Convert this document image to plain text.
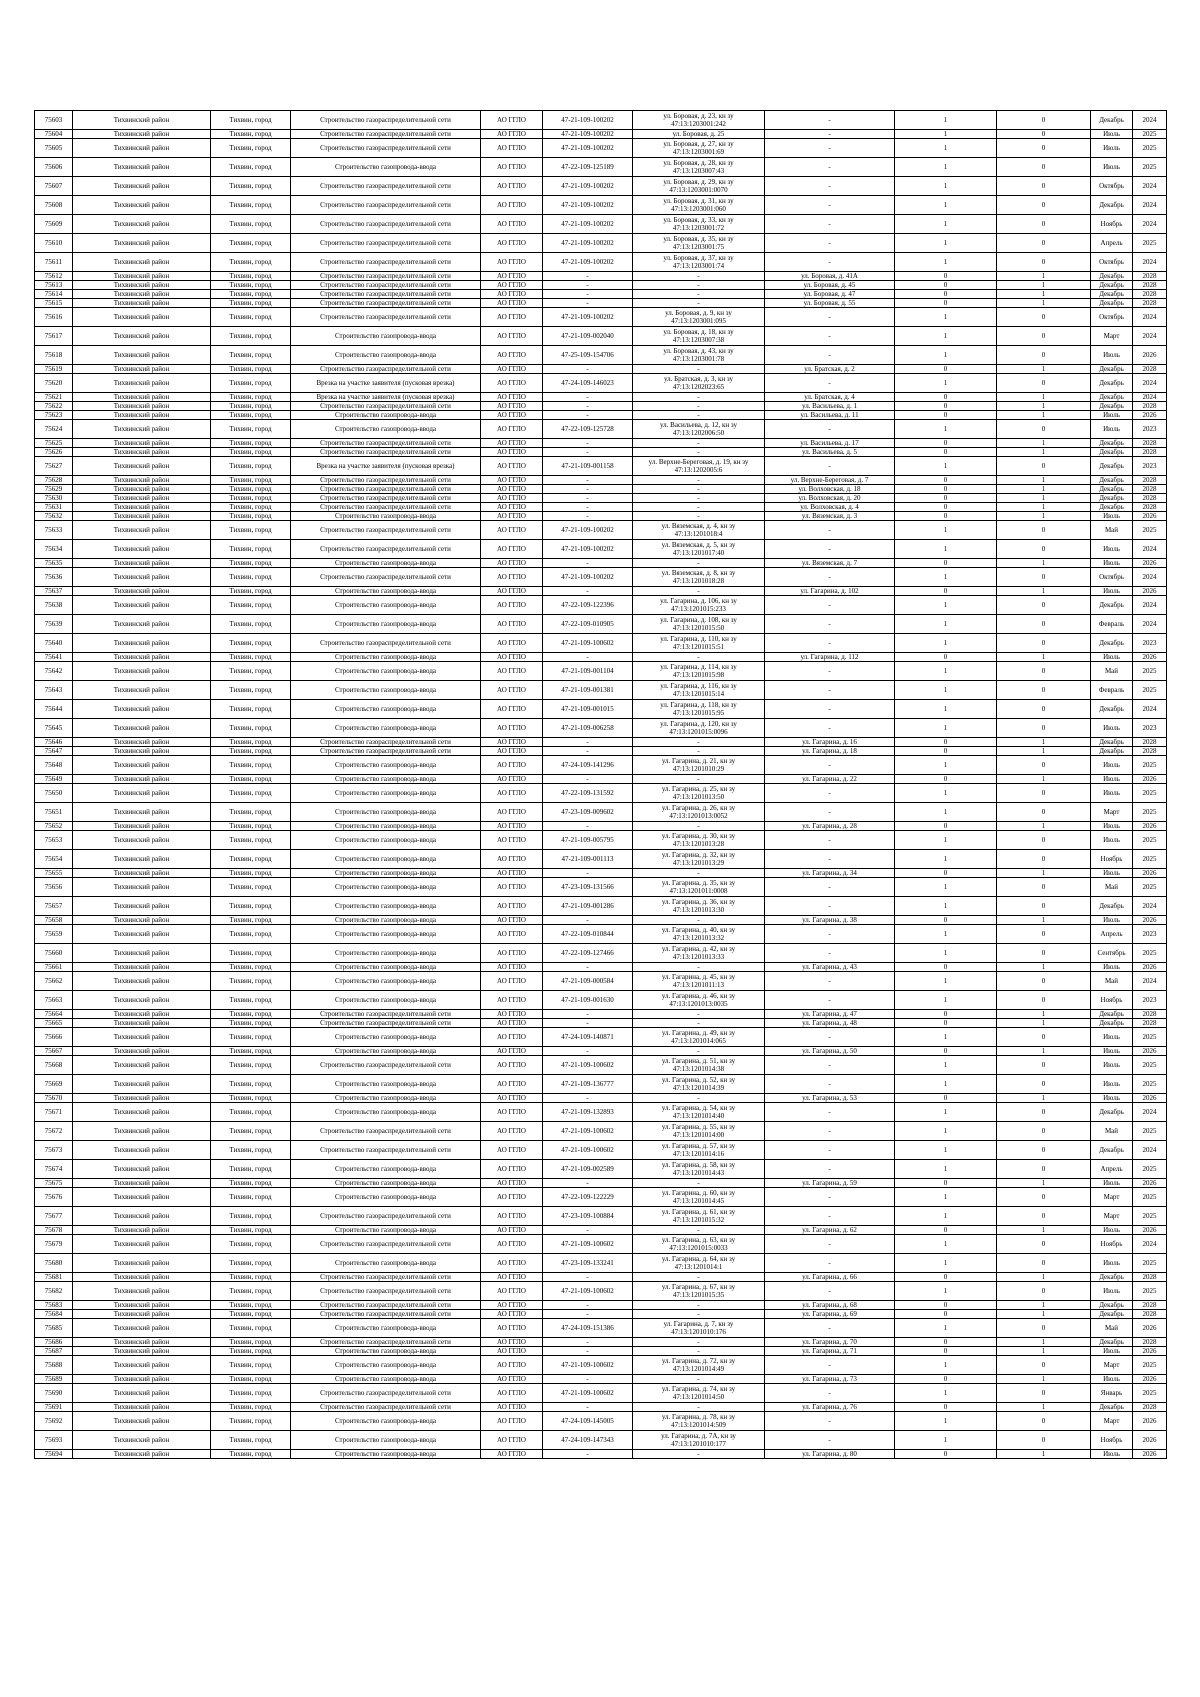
75603	Тихвинский район	Тихвин, город	Строительство газораспределительной сети	АО ГГЛО	47-21-109-100202	ул. Боровая, д. 23, кн зу
47:13:1203001:242	-	1	0	Декабрь	2024
75604	Тихвинский район	Тихвин, город	Строительство газораспределительной сети	АО ГГЛО	47-21-109-100202	ул. Боровая, д. 25	-	1	0	Июль	2025
75605	Тихвинский район	Тихвин, город	Строительство газораспределительной сети	АО ГГЛО	47-21-109-100202	ул. Боровая, д. 27, кн зу
47:13:1203001:69	-	1	0	Июль	2025
75606	Тихвинский район	Тихвин, город	Строительство газопровода-ввода	АО ГГЛО	47-22-109-125189	ул. Боровая, д. 28, кн зу
47:13:1203007:43	-	1	0	Июль	2025
75607	Тихвинский район	Тихвин, город	Строительство газораспределительной сети	АО ГГЛО	47-21-109-100202	ул. Боровая, д. 29, кн зу
47:13:1203001:0070	-	1	0	Октябрь	2024
75608	Тихвинский район	Тихвин, город	Строительство газораспределительной сети	АО ГГЛО	47-21-109-100202	ул. Боровая, д. 31, кн зу
47:13:1203001:060	-	1	0	Декабрь	2024
75609	Тихвинский район	Тихвин, город	Строительство газораспределительной сети	АО ГГЛО	47-21-109-100202	ул. Боровая, д. 33, кн зу
47:13:1203001:72	-	1	0	Ноябрь	2024
75610	Тихвинский район	Тихвин, город	Строительство газораспределительной сети	АО ГГЛО	47-21-109-100202	ул. Боровая, д. 35, кн зу
47:13:1203001:75	-	1	0	Апрель	2025
75611	Тихвинский район	Тихвин, город	Строительство газораспределительной сети	АО ГГЛО	47-21-109-100202	ул. Боровая, д. 37, кн зу
47:13:1203001:74	-	1	0	Октябрь	2024
75612	Тихвинский район	Тихвин, город	Строительство газораспределительной сети	АО ГГЛО	-	-	ул. Боровая, д. 41А	0	1	Декабрь	2028
75613	Тихвинский район	Тихвин, город	Строительство газораспределительной сети	АО ГГЛО	-	-	ул. Боровая, д. 45	0	1	Декабрь	2028
75614	Тихвинский район	Тихвин, город	Строительство газораспределительной сети	АО ГГЛО	-	-	ул. Боровая, д. 47	0	1	Декабрь	2028
75615	Тихвинский район	Тихвин, город	Строительство газораспределительной сети	АО ГГЛО	-	-	ул. Боровая, д. 55	0	1	Декабрь	2028
75616	Тихвинский район	Тихвин, город	Строительство газораспределительной сети	АО ГГЛО	47-21-109-100202	ул. Боровая, д. 9, кн зу
47:13:1203001:095	-	1	0	Октябрь	2024
75617	Тихвинский район	Тихвин, город	Строительство газопровода-ввода	АО ГГЛО	47-21-109-002040	ул. Боровая, д. 18, кн зу
47:13:1203007:38	-	1	0	Март	2024
75618	Тихвинский район	Тихвин, город	Строительство газопровода-ввода	АО ГГЛО	47-25-109-154706	ул. Боровая, д. 43, кн зу
47:13:1203001:78	-	1	0	Июль	2026
75619	Тихвинский район	Тихвин, город	Строительство газораспределительной сети	АО ГГЛО	-	-	ул. Братская, д. 2	0	1	Декабрь	2028
75620	Тихвинский район	Тихвин, город	Врезка на участке заявителя (пусковая врезка)	АО ГГЛО	47-24-109-146023	ул. Братская, д. 3, кн зу
47:13:1202023:65	-	1	0	Декабрь	2024
75621	Тихвинский район	Тихвин, город	Врезка на участке заявителя (пусковая врезка)	АО ГГЛО	-	-	ул. Братская, д. 4	0	1	Декабрь	2024
75622	Тихвинский район	Тихвин, город	Строительство газораспределительной сети	АО ГГЛО	-	-	ул. Васильева, д. 1	0	1	Декабрь	2028
75623	Тихвинский район	Тихвин, город	Строительство газопровода-ввода	АО ГГЛО	-	-	ул. Васильева, д. 11	0	1	Июль	2026
75624	Тихвинский район	Тихвин, город	Строительство газопровода-ввода	АО ГГЛО	47-22-109-125728	ул. Васильева, д. 12, кн зу
47:13:1202006:50	-	1	0	Июль	2023
75625	Тихвинский район	Тихвин, город	Строительство газораспределительной сети	АО ГГЛО	-	-	ул. Васильева, д. 17	0	1	Декабрь	2028
75626	Тихвинский район	Тихвин, город	Строительство газораспределительной сети	АО ГГЛО	-	-	ул. Васильева, д. 5	0	1	Декабрь	2028
75627	Тихвинский район	Тихвин, город	Врезка на участке заявителя (пусковая врезка)	АО ГГЛО	47-21-109-001158	ул. Верхне-Береговая, д. 19, кн зу
47:13:1202005:6	-	1	0	Декабрь	2023
75628	Тихвинский район	Тихвин, город	Строительство газораспределительной сети	АО ГГЛО	-	-	ул. Верхне-Береговая, д. 7	0	1	Декабрь	2028
75629	Тихвинский район	Тихвин, город	Строительство газораспределительной сети	АО ГГЛО	-	-	ул. Волховская, д. 18	0	1	Декабрь	2028
75630	Тихвинский район	Тихвин, город	Строительство газораспределительной сети	АО ГГЛО	-	-	ул. Волховская, д. 20	0	1	Декабрь	2028
75631	Тихвинский район	Тихвин, город	Строительство газораспределительной сети	АО ГГЛО	-	-	ул. Волховская, д. 4	0	1	Декабрь	2028
75632	Тихвинский район	Тихвин, город	Строительство газопровода-ввода	АО ГГЛО	-	-	ул. Вяземская, д. 3	0	1	Июль	2026
75633	Тихвинский район	Тихвин, город	Строительство газораспределительной сети	АО ГГЛО	47-21-109-100202	ул. Вяземская, д. 4, кн зу
47:13:1201018:4	-	1	0	Май	2025
75634	Тихвинский район	Тихвин, город	Строительство газораспределительной сети	АО ГГЛО	47-21-109-100202	ул. Вяземская, д. 5, кн зу
47:13:1201017:40	-	1	0	Июль	2024
75635	Тихвинский район	Тихвин, город	Строительство газопровода-ввода	АО ГГЛО	-	-	ул. Вяземская, д. 7	0	1	Июль	2026
75636	Тихвинский район	Тихвин, город	Строительство газораспределительной сети	АО ГГЛО	47-21-109-100202	ул. Вяземская, д. 8, кн зу
47:13:1201018:28	-	1	0	Октябрь	2024
75637	Тихвинский район	Тихвин, город	Строительство газопровода-ввода	АО ГГЛО	-	-	ул. Гагарина, д. 102	0	1	Июль	2026
75638	Тихвинский район	Тихвин, город	Строительство газопровода-ввода	АО ГГЛО	47-22-109-122396	ул. Гагарина, д. 106, кн зу
47:13:1201015:233	-	1	0	Декабрь	2024
75639	Тихвинский район	Тихвин, город	Строительство газопровода-ввода	АО ГГЛО	47-22-109-010905	ул. Гагарина, д. 108, кн зу
47:13:1201015:50	-	1	0	Февраль	2024
75640	Тихвинский район	Тихвин, город	Строительство газораспределительной сети	АО ГГЛО	47-21-109-100602	ул. Гагарина, д. 110, кн зу
47:13:1201015:51	-	1	0	Декабрь	2023
75641	Тихвинский район	Тихвин, город	Строительство газопровода-ввода	АО ГГЛО	-	-	ул. Гагарина, д. 112	0	1	Июль	2026
75642	Тихвинский район	Тихвин, город	Строительство газопровода-ввода	АО ГГЛО	47-21-109-001104	ул. Гагарина, д. 114, кн зу
47:13:1201015:98	-	1	0	Май	2025
75643	Тихвинский район	Тихвин, город	Строительство газопровода-ввода	АО ГГЛО	47-21-109-001381	ул. Гагарина, д. 116, кн зу
47:13:1201015:14	-	1	0	Февраль	2025
75644	Тихвинский район	Тихвин, город	Строительство газопровода-ввода	АО ГГЛО	47-21-109-001015	ул. Гагарина, д. 118, кн зу
47:13:1201015:95	-	1	0	Декабрь	2024
75645	Тихвинский район	Тихвин, город	Строительство газопровода-ввода	АО ГГЛО	47-21-109-006258	ул. Гагарина, д. 120, кн зу
47:13:1201015:0096	-	1	0	Июль	2023
75646	Тихвинский район	Тихвин, город	Строительство газораспределительной сети	АО ГГЛО	-	-	ул. Гагарина, д. 16	0	1	Декабрь	2028
75647	Тихвинский район	Тихвин, город	Строительство газораспределительной сети	АО ГГЛО	-	-	ул. Гагарина, д. 18	0	1	Декабрь	2028
75648	Тихвинский район	Тихвин, город	Строительство газопровода-ввода	АО ГГЛО	47-24-109-141296	ул. Гагарина, д. 21, кн зу
47:13:1201010:29	-	1	0	Июль	2025
75649	Тихвинский район	Тихвин, город	Строительство газопровода-ввода	АО ГГЛО	-	-	ул. Гагарина, д. 22	0	1	Июль	2026
75650	Тихвинский район	Тихвин, город	Строительство газопровода-ввода	АО ГГЛО	47-22-109-131592	ул. Гагарина, д. 25, кн зу
47:13:1201013:50	-	1	0	Июль	2025
75651	Тихвинский район	Тихвин, город	Строительство газопровода-ввода	АО ГГЛО	47-23-109-009602	ул. Гагарина, д. 26, кн зу
47:13:1201013:0052	-	1	0	Март	2025
75652	Тихвинский район	Тихвин, город	Строительство газопровода-ввода	АО ГГЛО	-	-	ул. Гагарина, д. 28	0	1	Июль	2026
75653	Тихвинский район	Тихвин, город	Строительство газопровода-ввода	АО ГГЛО	47-21-109-005795	ул. Гагарина, д. 30, кн зу
47:13:1201013:28	-	1	0	Июль	2025
75654	Тихвинский район	Тихвин, город	Строительство газопровода-ввода	АО ГГЛО	47-21-109-001113	ул. Гагарина, д. 32, кн зу
47:13:1201013:29	-	1	0	Ноябрь	2025
75655	Тихвинский район	Тихвин, город	Строительство газопровода-ввода	АО ГГЛО	-	-	ул. Гагарина, д. 34	0	1	Июль	2026
75656	Тихвинский район	Тихвин, город	Строительство газопровода-ввода	АО ГГЛО	47-23-109-131566	ул. Гагарина, д. 35, кн зу
47:13:1201011:0008	-	1	0	Май	2025
75657	Тихвинский район	Тихвин, город	Строительство газопровода-ввода	АО ГГЛО	47-21-109-001286	ул. Гагарина, д. 36, кн зу
47:13:1201013:30	-	1	0	Декабрь	2024
75658	Тихвинский район	Тихвин, город	Строительство газопровода-ввода	АО ГГЛО	-	-	ул. Гагарина, д. 38	0	1	Июль	2026
75659	Тихвинский район	Тихвин, город	Строительство газопровода-ввода	АО ГГЛО	47-22-109-010844	ул. Гагарина, д. 40, кн зу
47:13:1201013:32	-	1	0	Апрель	2023
75660	Тихвинский район	Тихвин, город	Строительство газопровода-ввода	АО ГГЛО	47-22-109-127466	ул. Гагарина, д. 42, кн зу
47:13:1201013:33	-	1	0	Сентябрь	2025
75661	Тихвинский район	Тихвин, город	Строительство газопровода-ввода	АО ГГЛО	-	-	ул. Гагарина, д. 43	0	1	Июль	2026
75662	Тихвинский район	Тихвин, город	Строительство газопровода-ввода	АО ГГЛО	47-21-109-000584	ул. Гагарина, д. 45, кн зу
47:13:1201011:13	-	1	0	Май	2024
75663	Тихвинский район	Тихвин, город	Строительство газопровода-ввода	АО ГГЛО	47-21-109-001630	ул. Гагарина, д. 46, кн зу
47:13:1201013:0035	-	1	0	Ноябрь	2023
75664	Тихвинский район	Тихвин, город	Строительство газораспределительной сети	АО ГГЛО	-	-	ул. Гагарина, д. 47	0	1	Декабрь	2028
75665	Тихвинский район	Тихвин, город	Строительство газораспределительной сети	АО ГГЛО	-	-	ул. Гагарина, д. 48	0	1	Декабрь	2028
75666	Тихвинский район	Тихвин, город	Строительство газопровода-ввода	АО ГГЛО	47-24-109-140871	ул. Гагарина, д. 49, кн зу
47:13:1201014:065	-	1	0	Июль	2025
75667	Тихвинский район	Тихвин, город	Строительство газопровода-ввода	АО ГГЛО	-	-	ул. Гагарина, д. 50	0	1	Июль	2026
75668	Тихвинский район	Тихвин, город	Строительство газораспределительной сети	АО ГГЛО	47-21-109-100602	ул. Гагарина, д. 51, кн зу
47:13:1201014:38	-	1	0	Июль	2025
75669	Тихвинский район	Тихвин, город	Строительство газопровода-ввода	АО ГГЛО	47-21-109-136777	ул. Гагарина, д. 52, кн зу
47:13:1201014:39	-	1	0	Июль	2025
75670	Тихвинский район	Тихвин, город	Строительство газопровода-ввода	АО ГГЛО	-	-	ул. Гагарина, д. 53	0	1	Июль	2026
75671	Тихвинский район	Тихвин, город	Строительство газопровода-ввода	АО ГГЛО	47-21-109-132893	ул. Гагарина, д. 54, кн зу
47:13:1201014:40	-	1	0	Декабрь	2024
75672	Тихвинский район	Тихвин, город	Строительство газораспределительной сети	АО ГГЛО	47-21-109-100602	ул. Гагарина, д. 55, кн зу
47:13:1201014:00	-	1	0	Май	2025
75673	Тихвинский район	Тихвин, город	Строительство газораспределительной сети	АО ГГЛО	47-21-109-100602	ул. Гагарина, д. 57, кн зу
47:13:1201014:16	-	1	0	Декабрь	2024
75674	Тихвинский район	Тихвин, город	Строительство газопровода-ввода	АО ГГЛО	47-21-109-002589	ул. Гагарина, д. 58, кн зу
47:13:1201014:43	-	1	0	Апрель	2025
75675	Тихвинский район	Тихвин, город	Строительство газопровода-ввода	АО ГГЛО	-	-	ул. Гагарина, д. 59	0	1	Июль	2026
75676	Тихвинский район	Тихвин, город	Строительство газопровода-ввода	АО ГГЛО	47-22-109-122229	ул. Гагарина, д. 60, кн зу
47:13:1201014:45	-	1	0	Март	2025
75677	Тихвинский район	Тихвин, город	Строительство газораспределительной сети	АО ГГЛО	47-23-109-100884	ул. Гагарина, д. 61, кн зу
47:13:1201015:32	-	1	0	Март	2025
75678	Тихвинский район	Тихвин, город	Строительство газопровода-ввода	АО ГГЛО	-	-	ул. Гагарина, д. 62	0	1	Июль	2026
75679	Тихвинский район	Тихвин, город	Строительство газораспределительной сети	АО ГГЛО	47-21-109-100602	ул. Гагарина, д. 63, кн зу
47:13:1201015:0033	-	1	0	Ноябрь	2024
75680	Тихвинский район	Тихвин, город	Строительство газопровода-ввода	АО ГГЛО	47-23-109-133241	ул. Гагарина, д. 64, кн зу
47:13:1201014:1	-	1	0	Июль	2025
75681	Тихвинский район	Тихвин, город	Строительство газораспределительной сети	АО ГГЛО	-	-	ул. Гагарина, д. 66	0	1	Декабрь	2028
75682	Тихвинский район	Тихвин, город	Строительство газораспределительной сети	АО ГГЛО	47-21-109-100602	ул. Гагарина, д. 67, кн зу
47:13:1201015:35	-	1	0	Июль	2025
75683	Тихвинский район	Тихвин, город	Строительство газораспределительной сети	АО ГГЛО	-	-	ул. Гагарина, д. 68	0	1	Декабрь	2028
75684	Тихвинский район	Тихвин, город	Строительство газораспределительной сети	АО ГГЛО	-	-	ул. Гагарина, д. 69	0	1	Декабрь	2028
75685	Тихвинский район	Тихвин, город	Строительство газопровода-ввода	АО ГГЛО	47-24-109-151386	ул. Гагарина, д. 7, кн зу
47:13:1201010:176	-	1	0	Май	2026
75686	Тихвинский район	Тихвин, город	Строительство газораспределительной сети	АО ГГЛО	-	-	ул. Гагарина, д. 70	0	1	Декабрь	2028
75687	Тихвинский район	Тихвин, город	Строительство газопровода-ввода	АО ГГЛО	-	-	ул. Гагарина, д. 71	0	1	Июль	2026
75688	Тихвинский район	Тихвин, город	Строительство газопровода-ввода	АО ГГЛО	47-21-109-100602	ул. Гагарина, д. 72, кн зу
47:13:1201014:49	-	1	0	Март	2025
75689	Тихвинский район	Тихвин, город	Строительство газопровода-ввода	АО ГГЛО	-	-	ул. Гагарина, д. 73	0	1	Июль	2026
75690	Тихвинский район	Тихвин, город	Строительство газораспределительной сети	АО ГГЛО	47-21-109-100602	ул. Гагарина, д. 74, кн зу
47:13:1201014:50	-	1	0	Январь	2025
75691	Тихвинский район	Тихвин, город	Строительство газораспределительной сети	АО ГГЛО	-	-	ул. Гагарина, д. 76	0	1	Декабрь	2028
75692	Тихвинский район	Тихвин, город	Строительство газопровода-ввода	АО ГГЛО	47-24-109-145005	ул. Гагарина, д. 78, кн зу
47:13:1201014:509	-	1	0	Март	2026
75693	Тихвинский район	Тихвин, город	Строительство газопровода-ввода	АО ГГЛО	47-24-109-147343	ул. Гагарина, д. 7А, кн зу
47:13:1201010:177	-	1	0	Ноябрь	2026
75694	Тихвинский район	Тихвин, город	Строительство газопровода-ввода	АО ГГЛО	-	-	ул. Гагарина, д. 80	0	1	Июль	2026
